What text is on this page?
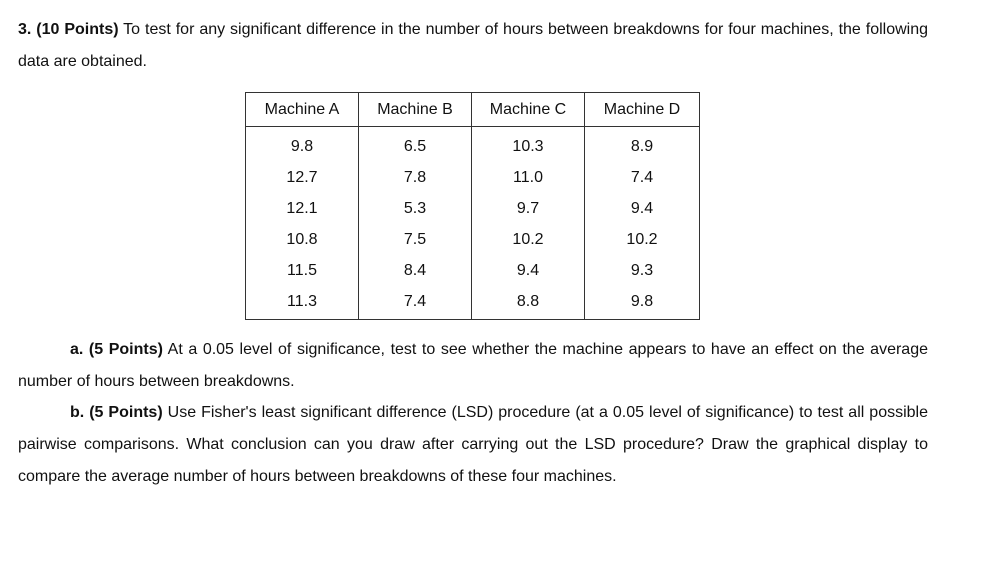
3. (10 Points) To test for any significant difference in the number of hours between breakdowns for four machines, the following data are obtained.

Machine A	Machine B	Machine C	Machine D
9.8	6.5	10.3	8.9
12.7	7.8	11.0	7.4
12.1	5.3	9.7	9.4
10.8	7.5	10.2	10.2
11.5	8.4	9.4	9.3
11.3	7.4	8.8	9.8

a. (5 Points) At a 0.05 level of significance, test to see whether the machine appears to have an effect on the average number of hours between breakdowns.

b. (5 Points) Use Fisher's least significant difference (LSD) procedure (at a 0.05 level of significance) to test all possible pairwise comparisons. What conclusion can you draw after carrying out the LSD procedure? Draw the graphical display to compare the average number of hours between breakdowns of these four machines.
